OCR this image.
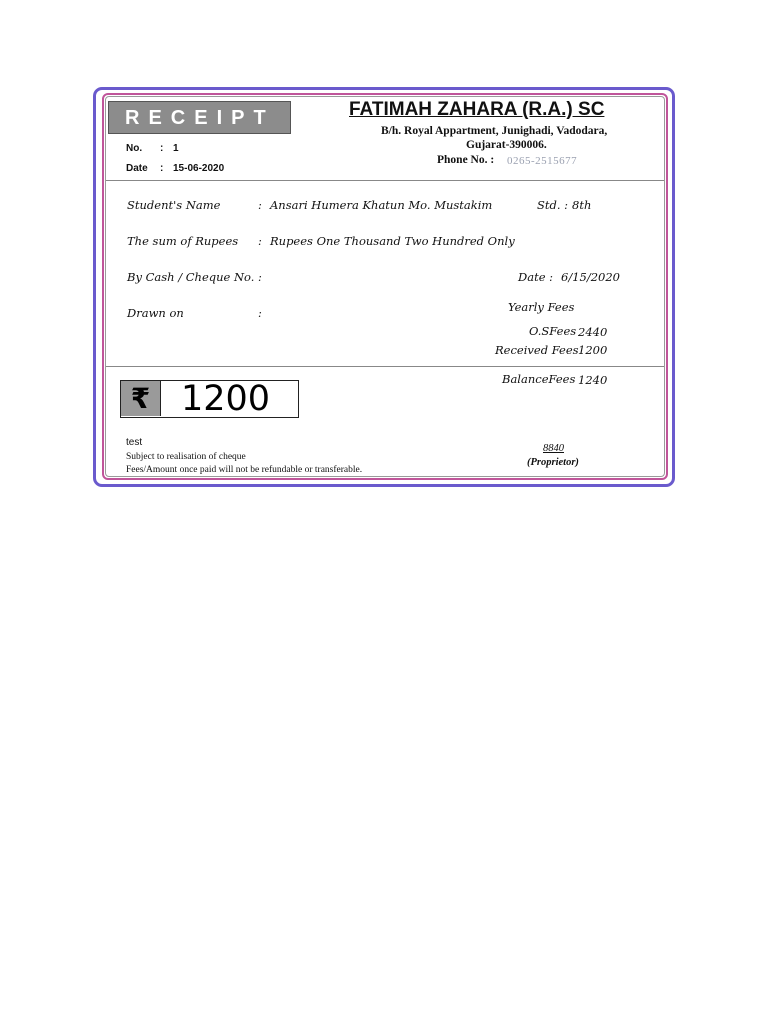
RECEIPT
No. : 1
Date : 15-06-2020
FATIMAH ZAHARA (R.A.) SC
B/h. Royal Appartment, Junighadi, Vadodara,
Gujarat-390006.
Phone No. : 0265-2515677
Student's Name	: Ansari Humera Khatun Mo. Mustakim	Std. : 8th
The sum of Rupees : Rupees One Thousand Two Hundred Only
By Cash / Cheque No. :	Date : 6/15/2020
Drawn on	:	Yearly Fees
O.SFees 2440
Received Fees 1200
BalanceFees 1240
₹ 1200
test
Subject to realisation of cheque
Fees/Amount once paid will not be refundable or transferable.
8840
(Proprietor)
